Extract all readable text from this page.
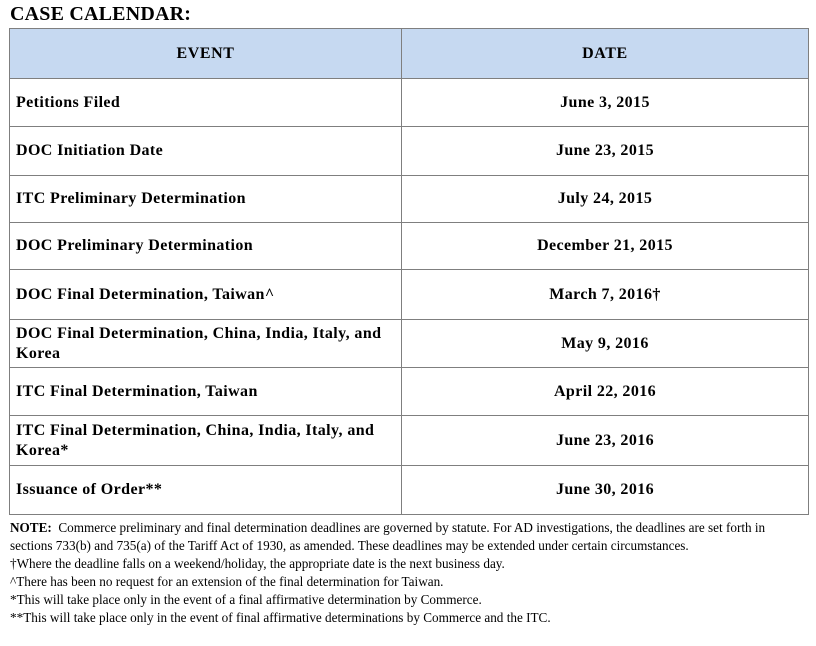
CASE CALENDAR:
EVENT	DATE
Petitions Filed	June 3, 2015
DOC Initiation Date	June 23, 2015
ITC Preliminary Determination	July 24, 2015
DOC Preliminary Determination	December 21, 2015
DOC Final Determination, Taiwan^	March 7, 2016†
DOC Final Determination, China, India, Italy, and Korea	May 9, 2016
ITC Final Determination, Taiwan	April 22, 2016
ITC Final Determination, China, India, Italy, and Korea*	June 23, 2016
Issuance of Order**	June 30, 2016

NOTE: Commerce preliminary and final determination deadlines are governed by statute. For AD investigations, the deadlines are set forth in sections 733(b) and 735(a) of the Tariff Act of 1930, as amended. These deadlines may be extended under certain circumstances.

†Where the deadline falls on a weekend/holiday, the appropriate date is the next business day.

^There has been no request for an extension of the final determination for Taiwan.

*This will take place only in the event of a final affirmative determination by Commerce.

**This will take place only in the event of final affirmative determinations by Commerce and the ITC.
